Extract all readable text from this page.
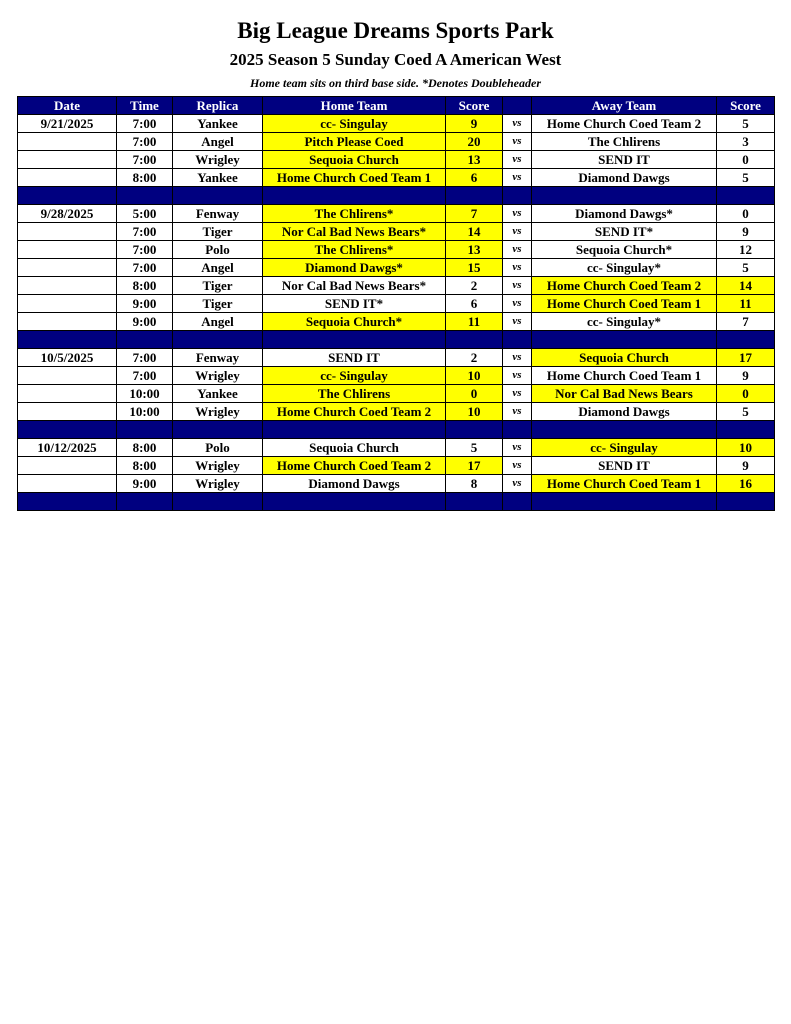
Big League Dreams Sports Park
2025 Season 5 Sunday Coed A American West
Home team sits on third base side. *Denotes Doubleheader
Date	Time	Replica	Home Team	Score		Away Team	Score
9/21/2025	7:00	Yankee	cc- Singulay	9	vs	Home Church Coed Team 2	5
	7:00	Angel	Pitch Please Coed	20	vs	The Chlirens	3
	7:00	Wrigley	Sequoia Church	13	vs	SEND IT	0
	8:00	Yankee	Home Church Coed Team 1	6	vs	Diamond Dawgs	5

9/28/2025	5:00	Fenway	The Chlirens*	7	vs	Diamond Dawgs*	0
	7:00	Tiger	Nor Cal Bad News Bears*	14	vs	SEND IT*	9
	7:00	Polo	The Chlirens*	13	vs	Sequoia Church*	12
	7:00	Angel	Diamond Dawgs*	15	vs	cc- Singulay*	5
	8:00	Tiger	Nor Cal Bad News Bears*	2	vs	Home Church Coed Team 2	14
	9:00	Tiger	SEND IT*	6	vs	Home Church Coed Team 1	11
	9:00	Angel	Sequoia Church*	11	vs	cc- Singulay*	7

10/5/2025	7:00	Fenway	SEND IT	2	vs	Sequoia Church	17
	7:00	Wrigley	cc- Singulay	10	vs	Home Church Coed Team 1	9
	10:00	Yankee	The Chlirens	0	vs	Nor Cal Bad News Bears	0
	10:00	Wrigley	Home Church Coed Team 2	10	vs	Diamond Dawgs	5

10/12/2025	8:00	Polo	Sequoia Church	5	vs	cc- Singulay	10
	8:00	Wrigley	Home Church Coed Team 2	17	vs	SEND IT	9
	9:00	Wrigley	Diamond Dawgs	8	vs	Home Church Coed Team 1	16
